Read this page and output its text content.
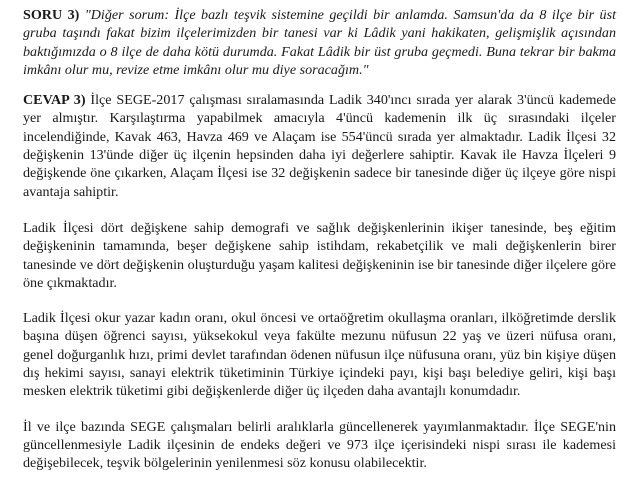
SORU 3) "Diğer sorum: İlçe bazlı teşvik sistemine geçildi bir anlamda. Samsun'da da 8 ilçe bir üst gruba taşındı fakat bizim ilçelerimizden bir tanesi var ki Lâdik yani hakikaten, gelişmişlik açısından baktığımızda o 8 ilçe de daha kötü durumda. Fakat Lâdik bir üst gruba geçmedi. Buna tekrar bir bakma imkânı olur mu, revize etme imkânı olur mu diye soracağım."

CEVAP 3) İlçe SEGE-2017 çalışması sıralamasında Ladik 340'ıncı sırada yer alarak 3'üncü kademede yer almıştır. Karşılaştırma yapabilmek amacıyla 4'üncü kademenin ilk üç sırasındaki ilçeler incelendiğinde, Kavak 463, Havza 469 ve Alaçam ise 554'üncü sırada yer almaktadır. Ladik İlçesi 32 değişkenin 13'ünde diğer üç ilçenin hepsinden daha iyi değerlere sahiptir. Kavak ile Havza İlçeleri 9 değişkende öne çıkarken, Alaçam İlçesi ise 32 değişkenin sadece bir tanesinde diğer üç ilçeye göre nispi avantaja sahiptir.

Ladik İlçesi dört değişkene sahip demografi ve sağlık değişkenlerinin ikişer tanesinde, beş eğitim değişkeninin tamamında, beşer değişkene sahip istihdam, rekabetçilik ve mali değişkenlerin birer tanesinde ve dört değişkenin oluşturduğu yaşam kalitesi değişkeninin ise bir tanesinde diğer ilçelere göre öne çıkmaktadır.

Ladik İlçesi okur yazar kadın oranı, okul öncesi ve ortaöğretim okullaşma oranları, ilköğretimde derslik başına düşen öğrenci sayısı, yüksekokul veya fakülte mezunu nüfusun 22 yaş ve üzeri nüfusa oranı, genel doğurganlık hızı, primi devlet tarafından ödenen nüfusun ilçe nüfusuna oranı, yüz bin kişiye düşen dış hekimi sayısı, sanayi elektrik tüketiminin Türkiye içindeki payı, kişi başı belediye geliri, kişi başı mesken elektrik tüketimi gibi değişkenlerde diğer üç ilçeden daha avantajlı konumdadır.

İl ve ilçe bazında SEGE çalışmaları belirli aralıklarla güncellenerek yayımlanmaktadır. İlçe SEGE'nin güncellenmesiyle Ladik ilçesinin de endeks değeri ve 973 ilçe içerisindeki nispi sırası ile kademesi değişebilecek, teşvik bölgelerinin yenilenmesi söz konusu olabilecektir.
